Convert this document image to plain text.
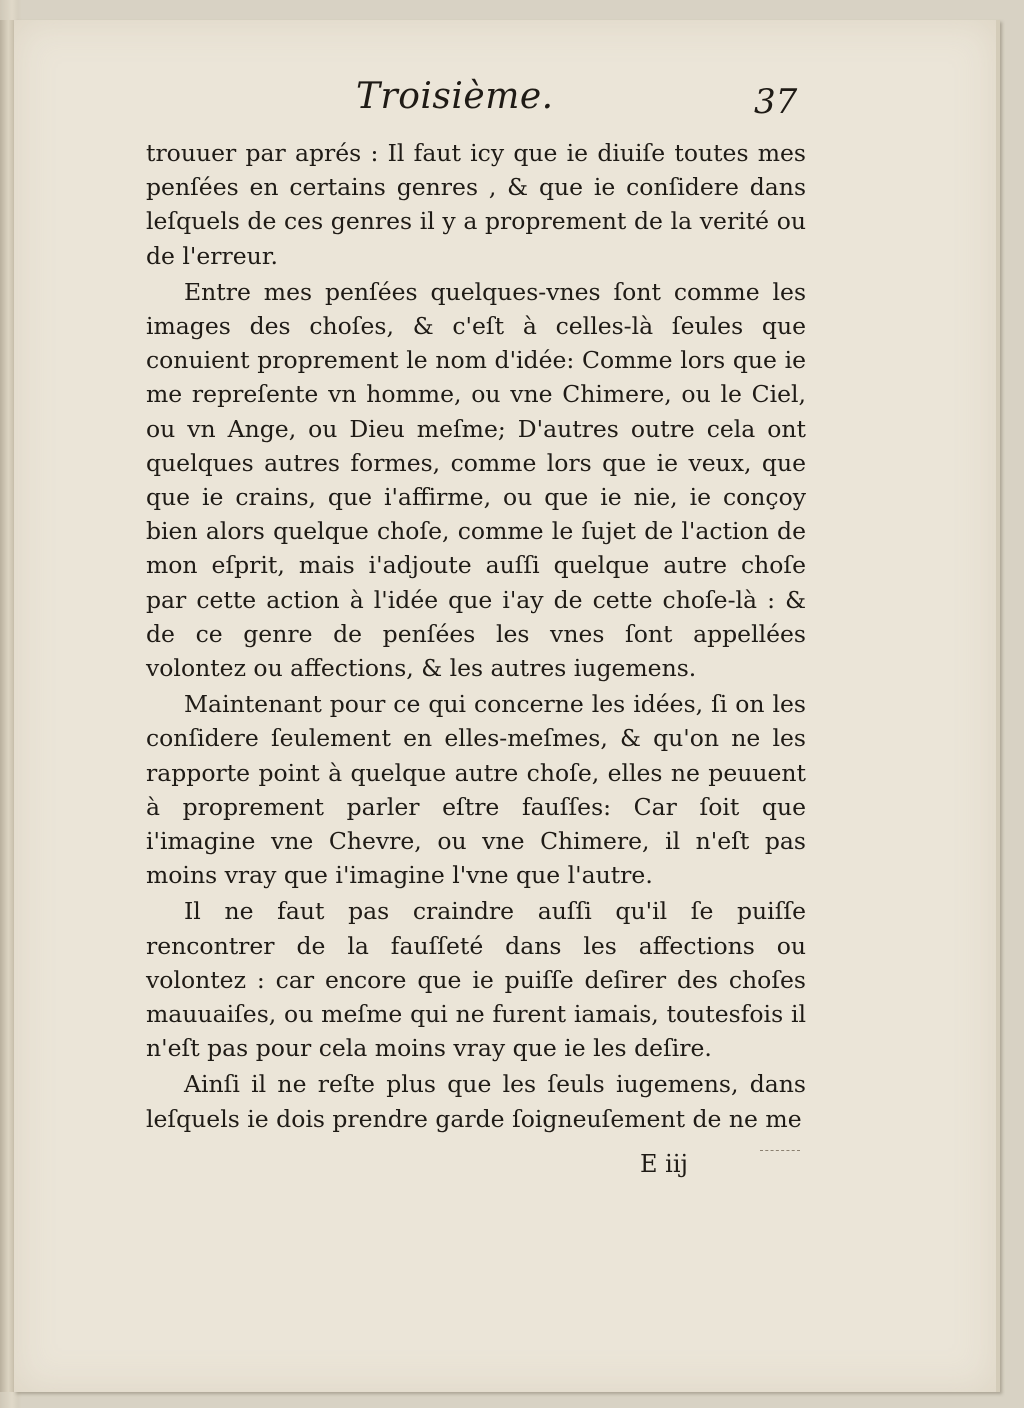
Troisième.	37

trouuer par aprés : Il faut icy que ie diuiſe toutes mes penſées en certains genres , & que ie conſidere dans leſquels de ces genres il y a proprement de la verité ou de l'erreur.

Entre mes penſées quelques-vnes ſont comme les images des choſes, & c'eſt à celles-là ſeules que conuient proprement le nom d'idée: Comme lors que ie me repreſente vn homme, ou vne Chimere, ou le Ciel, ou vn Ange, ou Dieu meſme; D'autres outre cela ont quelques autres formes, comme lors que ie veux, que que ie crains, que i'affirme, ou que ie nie, ie conçoy bien alors quelque choſe, comme le ſujet de l'action de mon eſprit, mais i'adjoute auſſi quelque autre choſe par cette action à l'idée que i'ay de cette choſe-là : & de ce genre de penſées les vnes ſont appellées volontez ou affections, & les autres iugemens.

Maintenant pour ce qui concerne les idées, ſi on les conſidere ſeulement en elles-meſmes, & qu'on ne les rapporte point à quelque autre choſe, elles ne peuuent à proprement parler eſtre fauſſes: Car ſoit que i'imagine vne Chevre, ou vne Chimere, il n'eſt pas moins vray que i'imagine l'vne que l'autre.

Il ne faut pas craindre auſſi qu'il ſe puiſſe rencontrer de la fauſſeté dans les affections ou volontez : car encore que ie puiſſe deſirer des choſes mauuaiſes, ou meſme qui ne furent iamais, toutesfois il n'eſt pas pour cela moins vray que ie les deſire.

Ainſi il ne reſte plus que les ſeuls iugemens, dans leſquels ie dois prendre garde ſoigneuſement de ne me

E iij
